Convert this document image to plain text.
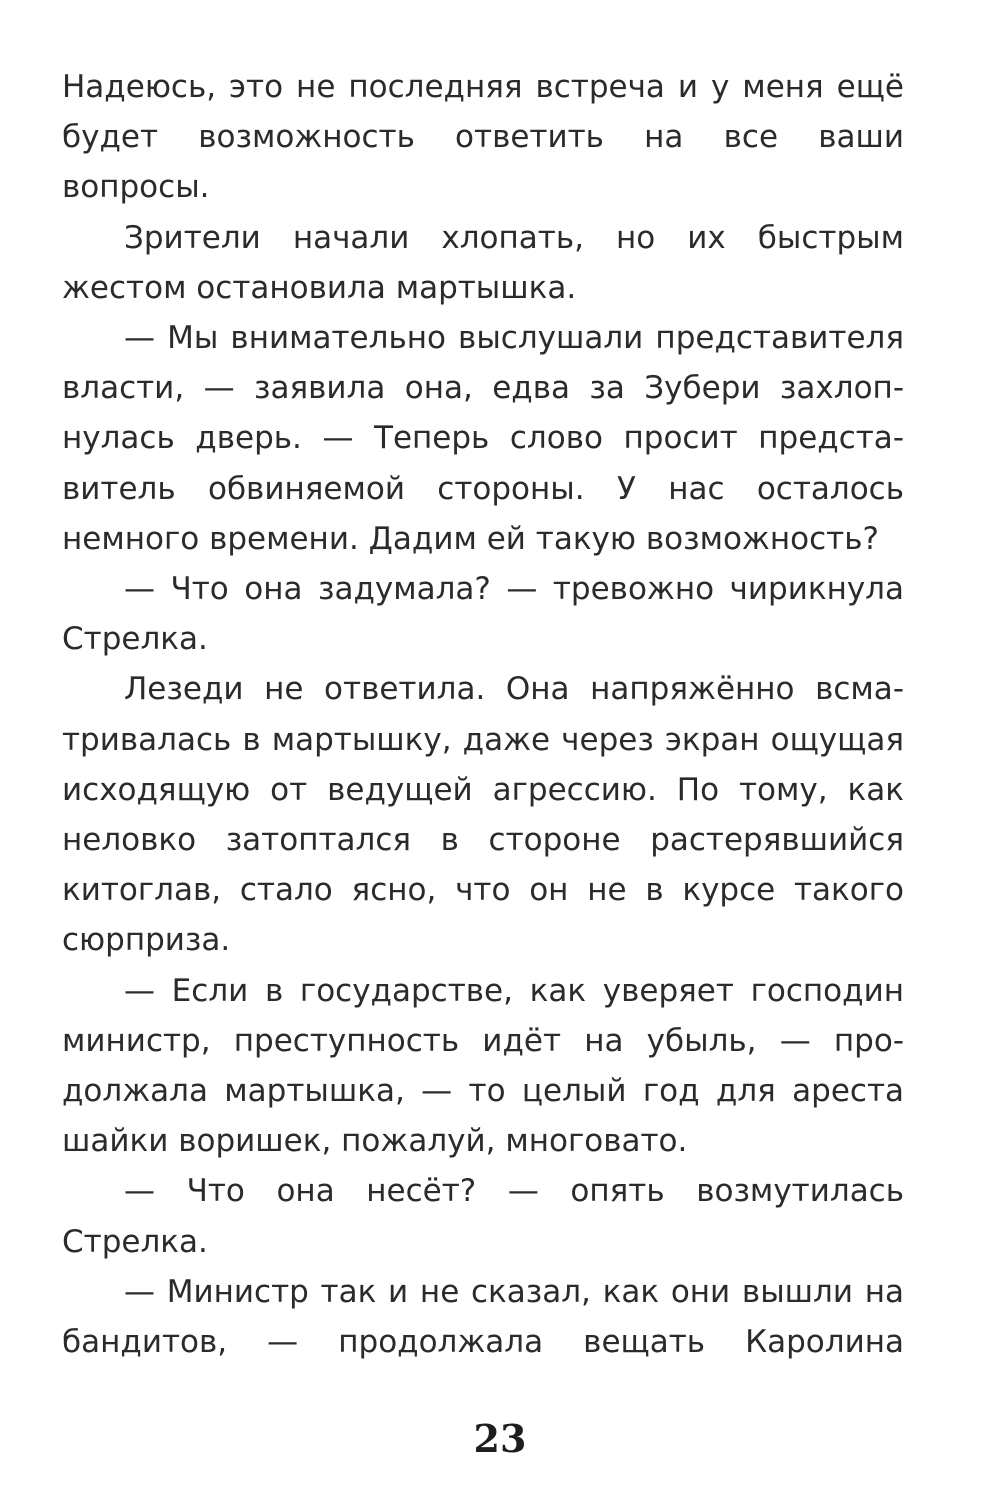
Надеюсь, это не последняя встреча и у меня ещё будет возможность ответить на все ваши вопросы.

Зрители начали хлопать, но их быстрым жестом остановила мартышка.

— Мы внимательно выслушали представителя власти, — заявила она, едва за Зубери захлопнулась дверь. — Теперь слово просит представитель обвиняемой стороны. У нас осталось немного времени. Дадим ей такую возможность?

— Что она задумала? — тревожно чирикнула Стрелка.

Лезеди не ответила. Она напряжённо всматривалась в мартышку, даже через экран ощущая исходящую от ведущей агрессию. По тому, как неловко затоптался в стороне растерявшийся китоглав, стало ясно, что он не в курсе такого сюрприза.

— Если в государстве, как уверяет господин министр, преступность идёт на убыль, — продолжала мартышка, — то целый год для ареста шайки воришек, пожалуй, многовато.

— Что она несёт? — опять возмутилась Стрелка.

— Министр так и не сказал, как они вышли на бандитов, — продолжала вещать Каролина

23
